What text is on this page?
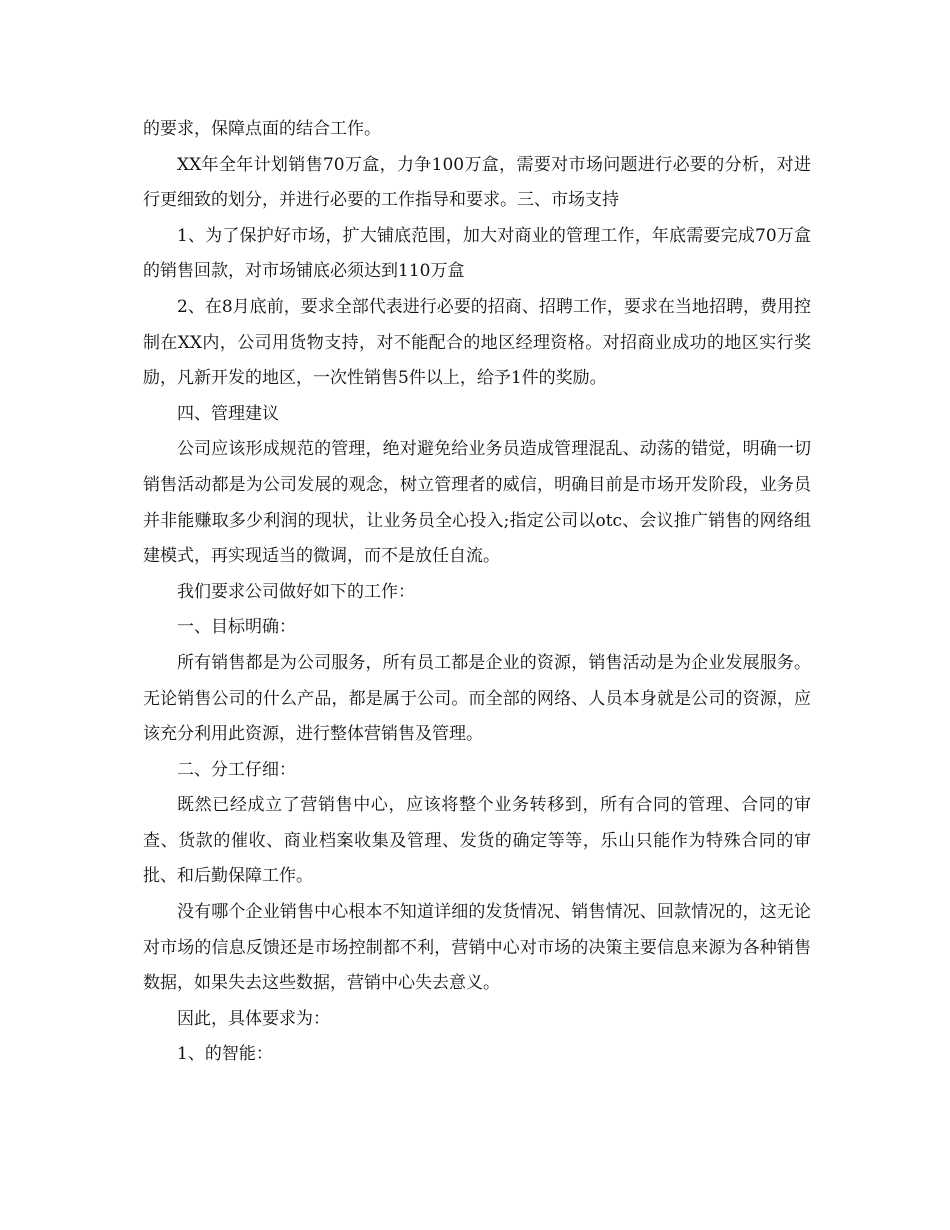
的要求，保障点面的结合工作。

XX年全年计划销售70万盒，力争100万盒，需要对市场问题进行必要的分析，对进行更细致的划分，并进行必要的工作指导和要求。三、市场支持

1、为了保护好市场，扩大铺底范围，加大对商业的管理工作，年底需要完成70万盒的销售回款，对市场铺底必须达到110万盒

2、在8月底前，要求全部代表进行必要的招商、招聘工作，要求在当地招聘，费用控制在XX内，公司用货物支持，对不能配合的地区经理资格。对招商业成功的地区实行奖励，凡新开发的地区，一次性销售5件以上，给予1件的奖励。

四、管理建议

公司应该形成规范的管理，绝对避免给业务员造成管理混乱、动荡的错觉，明确一切销售活动都是为公司发展的观念，树立管理者的威信，明确目前是市场开发阶段，业务员并非能赚取多少利润的现状，让业务员全心投入;指定公司以otc、会议推广销售的网络组建模式，再实现适当的微调，而不是放任自流。

我们要求公司做好如下的工作：

一、目标明确：

所有销售都是为公司服务，所有员工都是企业的资源，销售活动是为企业发展服务。无论销售公司的什么产品，都是属于公司。而全部的网络、人员本身就是公司的资源，应该充分利用此资源，进行整体营销售及管理。

二、分工仔细：

既然已经成立了营销售中心，应该将整个业务转移到，所有合同的管理、合同的审查、货款的催收、商业档案收集及管理、发货的确定等等，乐山只能作为特殊合同的审批、和后勤保障工作。

没有哪个企业销售中心根本不知道详细的发货情况、销售情况、回款情况的，这无论对市场的信息反馈还是市场控制都不利，营销中心对市场的决策主要信息来源为各种销售数据，如果失去这些数据，营销中心失去意义。

因此，具体要求为：

1、的智能：
